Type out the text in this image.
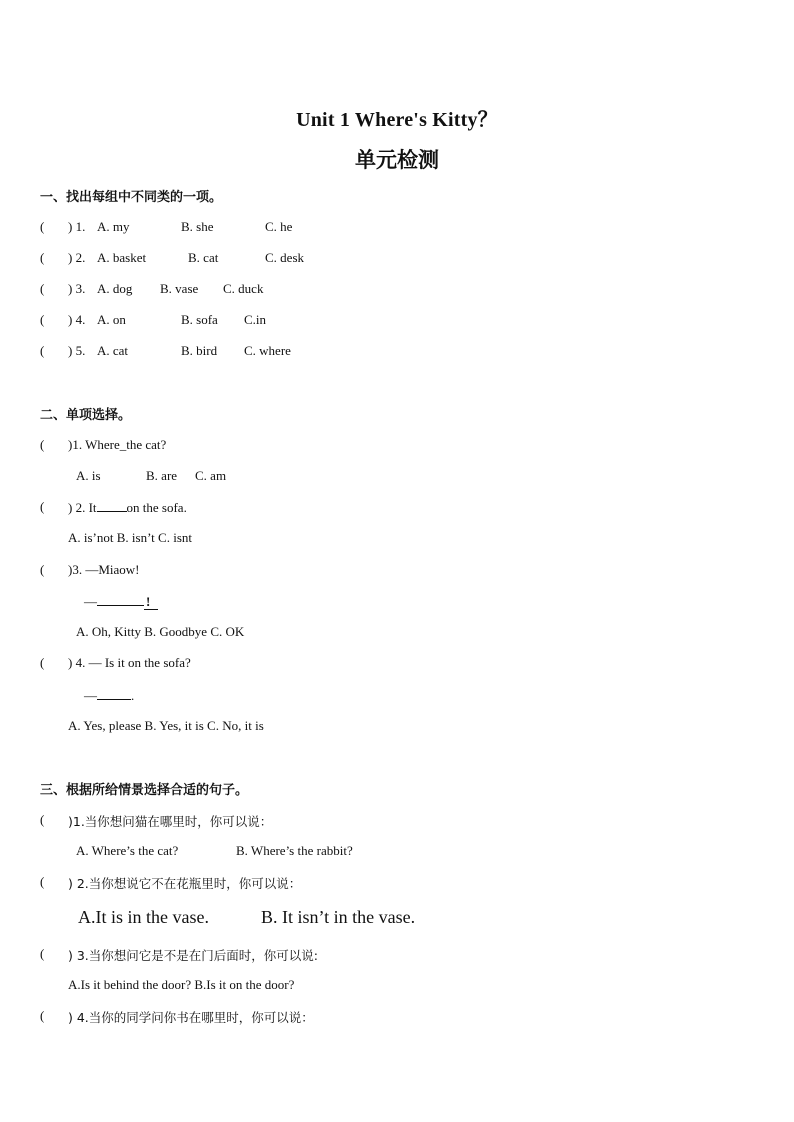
Unit 1 Where's Kitty？
单元检测
一、找出每组中不同类的一项。
( ) 1. A. my	B. she	C. he
( ) 2. A. basket	B. cat	C. desk
( ) 3. A. dog B. vase C. duck
( ) 4. A. on	B. sofa C.in
( ) 5. A. cat	B. bird C. where
二、单项选择。
( )1. Where_the cat?
A. is	B. are C. am
( ) 2. It on the sofa.
A. is’not B. isn’t C. isnt
( )3. —Miaow!
—	!
A. Oh, Kitty B. Goodbye C. OK
( ) 4. — Is it on the sofa?
—	.
A. Yes, please B. Yes, it is C. No, it is
三、根据所给情景选择合适的句子。
( )1.当你想问猫在哪里时，你可以说：
A. Where’s the cat?	B. Where’s the rabbit?
( ) 2.当你想说它不在花瓶里时，你可以说：
A.It is in the vase.	B. It isn’t in the vase.
( ) 3.当你想问它是不是在门后面时，你可以说:
A.Is it behind the door? B.Is it on the door?
( ) 4.当你的同学问你书在哪里时，你可以说：
